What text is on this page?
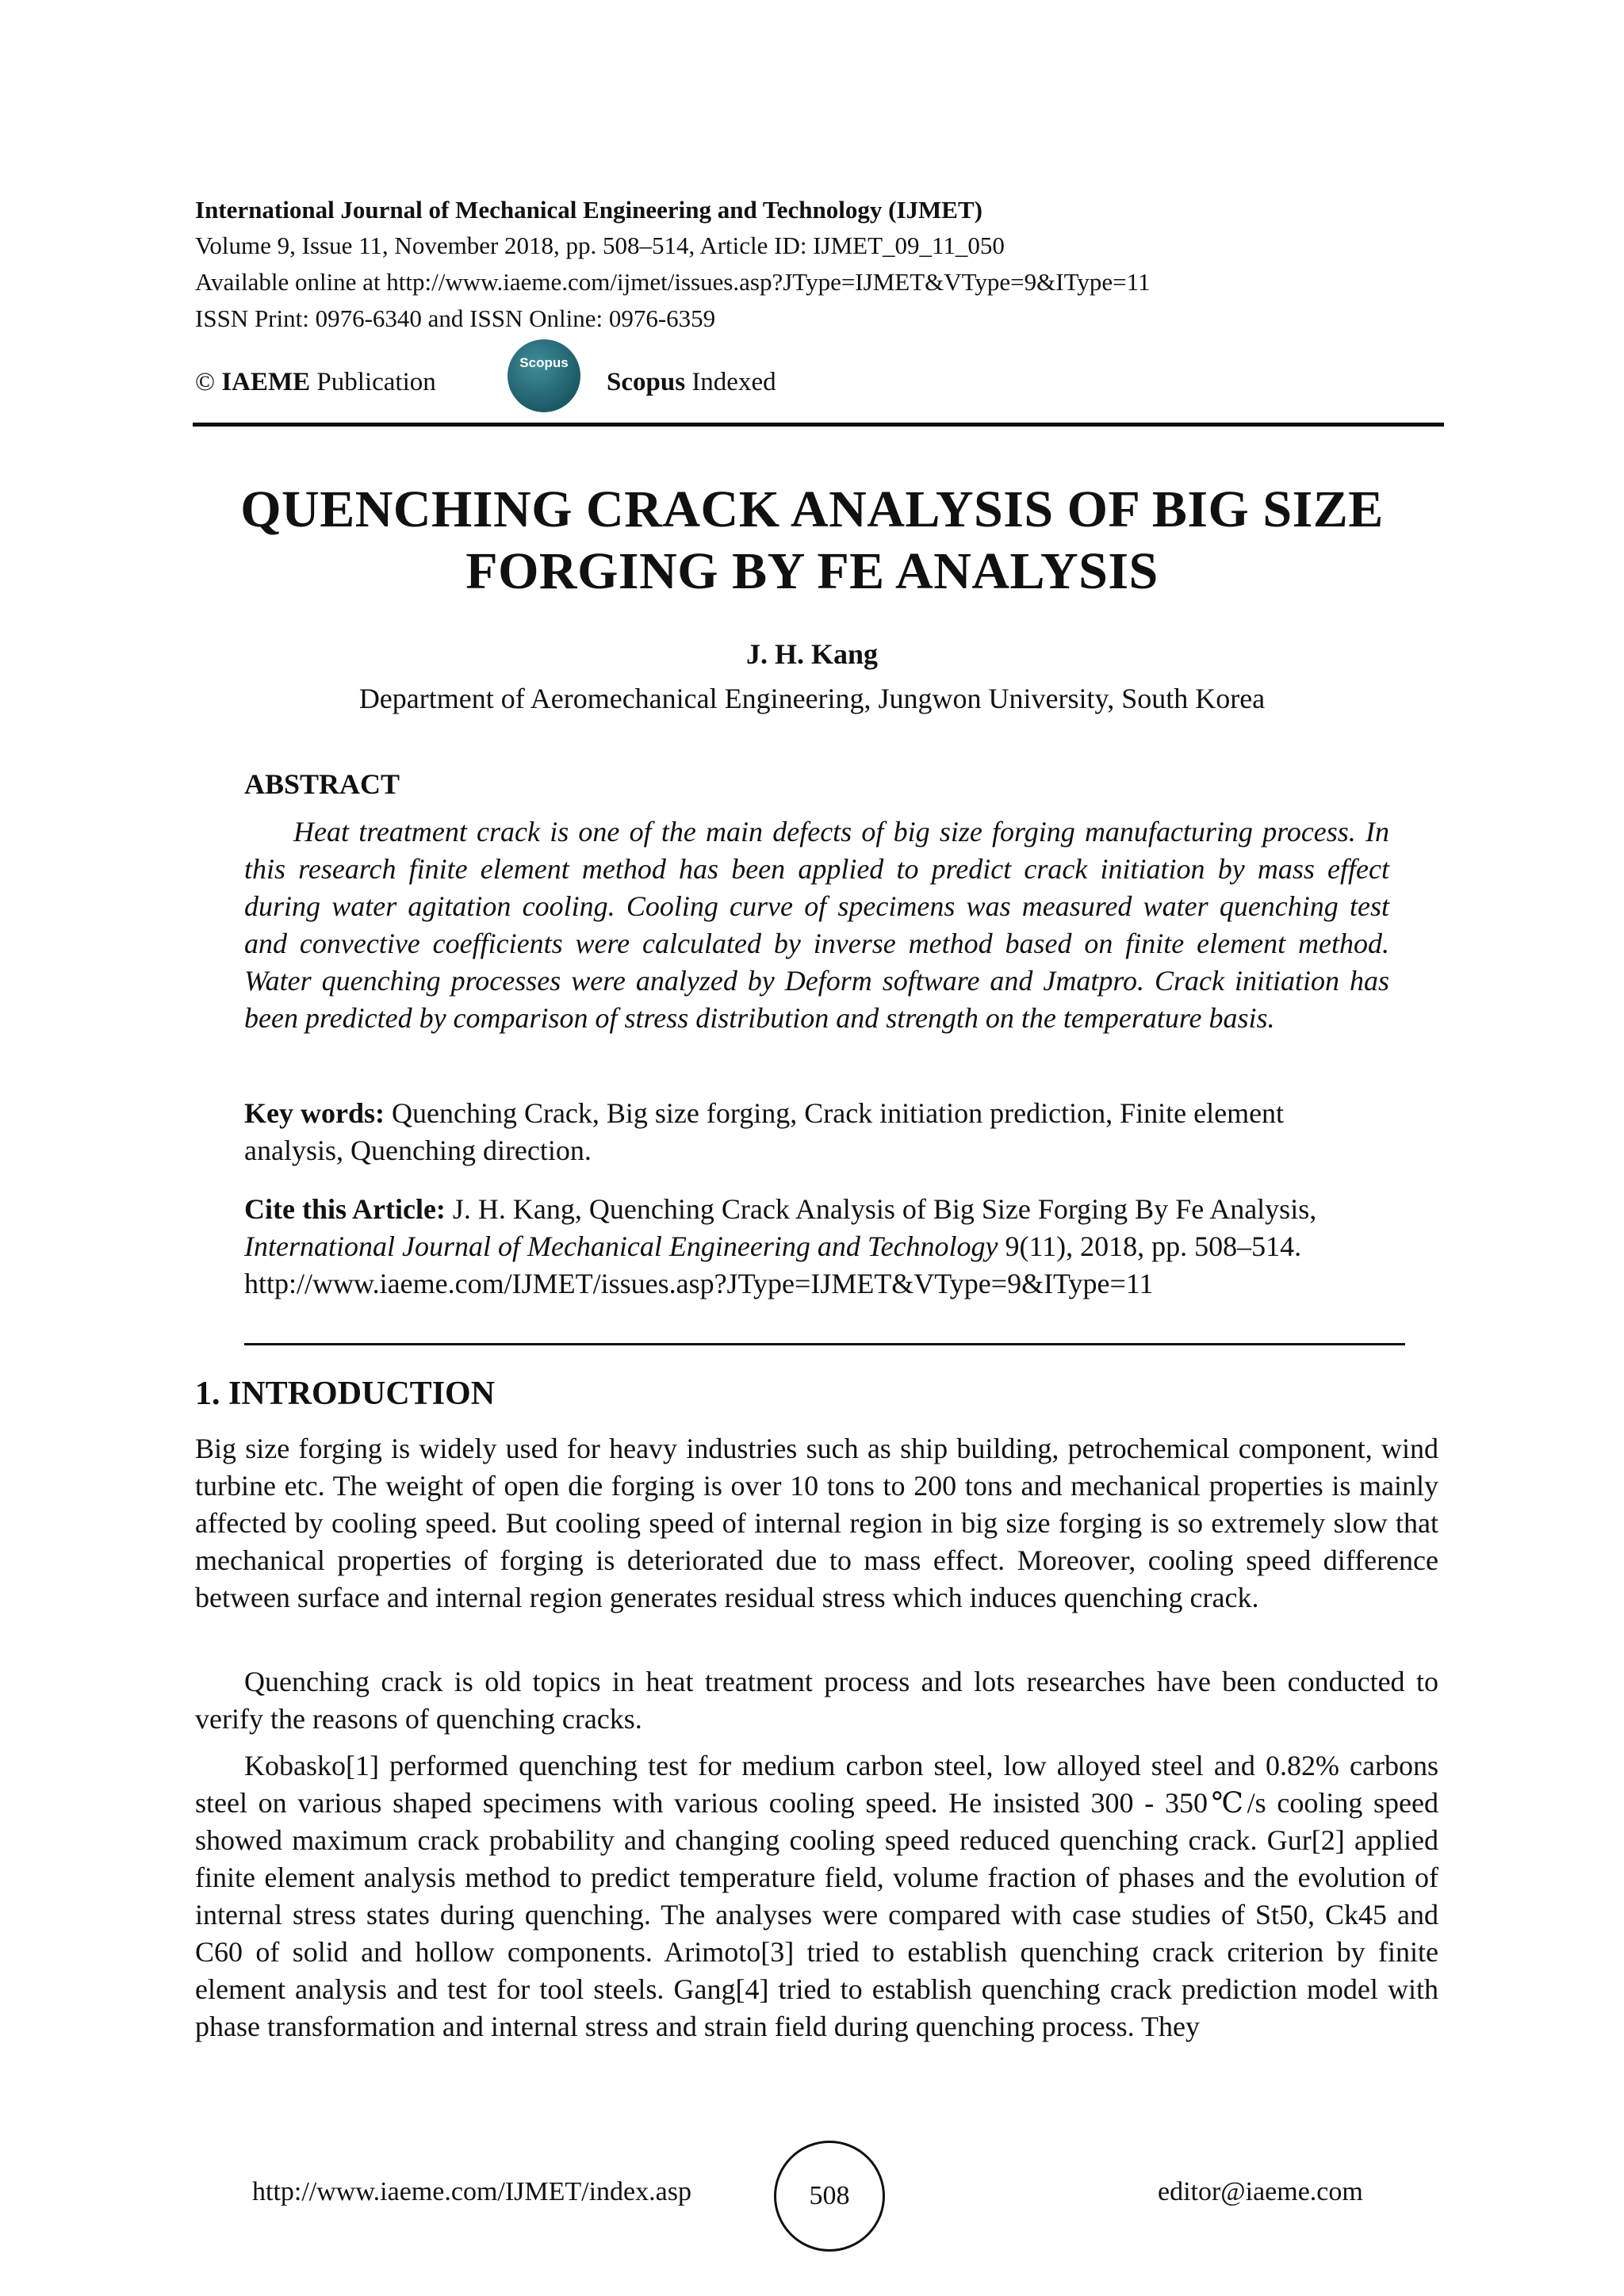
International Journal of Mechanical Engineering and Technology (IJMET)
Volume 9, Issue 11, November 2018, pp. 508–514, Article ID: IJMET_09_11_050
Available online at http://www.iaeme.com/ijmet/issues.asp?JType=IJMET&VType=9&IType=11
ISSN Print: 0976-6340 and ISSN Online: 0976-6359
©
IAEME
Publication
Scopus
Scopus Indexed
QUENCHING CRACK ANALYSIS OF BIG SIZE
FORGING BY FE ANALYSIS
J. H. Kang
Department of Aeromechanical Engineering, Jungwon University, South Korea
ABSTRACT
Heat treatment crack is one of the main defects of big size forging manufacturing process. In this research finite element method has been applied to predict crack initiation by mass effect during water agitation cooling. Cooling curve of specimens was measured water quenching test and convective coefficients were calculated by inverse method based on finite element method. Water quenching processes were analyzed by Deform software and Jmatpro. Crack initiation has been predicted by comparison of stress distribution and strength on the temperature basis.
Key words: Quenching Crack, Big size forging, Crack initiation prediction, Finite element analysis, Quenching direction.
Cite this Article: J. H. Kang, Quenching Crack Analysis of Big Size Forging By Fe Analysis, International Journal of Mechanical Engineering and Technology 9(11), 2018, pp. 508–514.
http://www.iaeme.com/IJMET/issues.asp?JType=IJMET&VType=9&IType=11
1. INTRODUCTION
Big size forging is widely used for heavy industries such as ship building, petrochemical component, wind turbine etc. The weight of open die forging is over 10 tons to 200 tons and mechanical properties is mainly affected by cooling speed. But cooling speed of internal region in big size forging is so extremely slow that mechanical properties of forging is deteriorated due to mass effect. Moreover, cooling speed difference between surface and internal region generates residual stress which induces quenching crack.
Quenching crack is old topics in heat treatment process and lots researches have been conducted to verify the reasons of quenching cracks.
Kobasko[1] performed quenching test for medium carbon steel, low alloyed steel and 0.82% carbons steel on various shaped specimens with various cooling speed. He insisted 300 - 350℃/s cooling speed showed maximum crack probability and changing cooling speed reduced quenching crack. Gur[2] applied finite element analysis method to predict temperature field, volume fraction of phases and the evolution of internal stress states during quenching. The analyses were compared with case studies of St50, Ck45 and C60 of solid and hollow components. Arimoto[3] tried to establish quenching crack criterion by finite element analysis and test for tool steels. Gang[4] tried to establish quenching crack prediction model with phase transformation and internal stress and strain field during quenching process. They
http://www.iaeme.com/IJMET/index.asp	508	editor@iaeme.com
